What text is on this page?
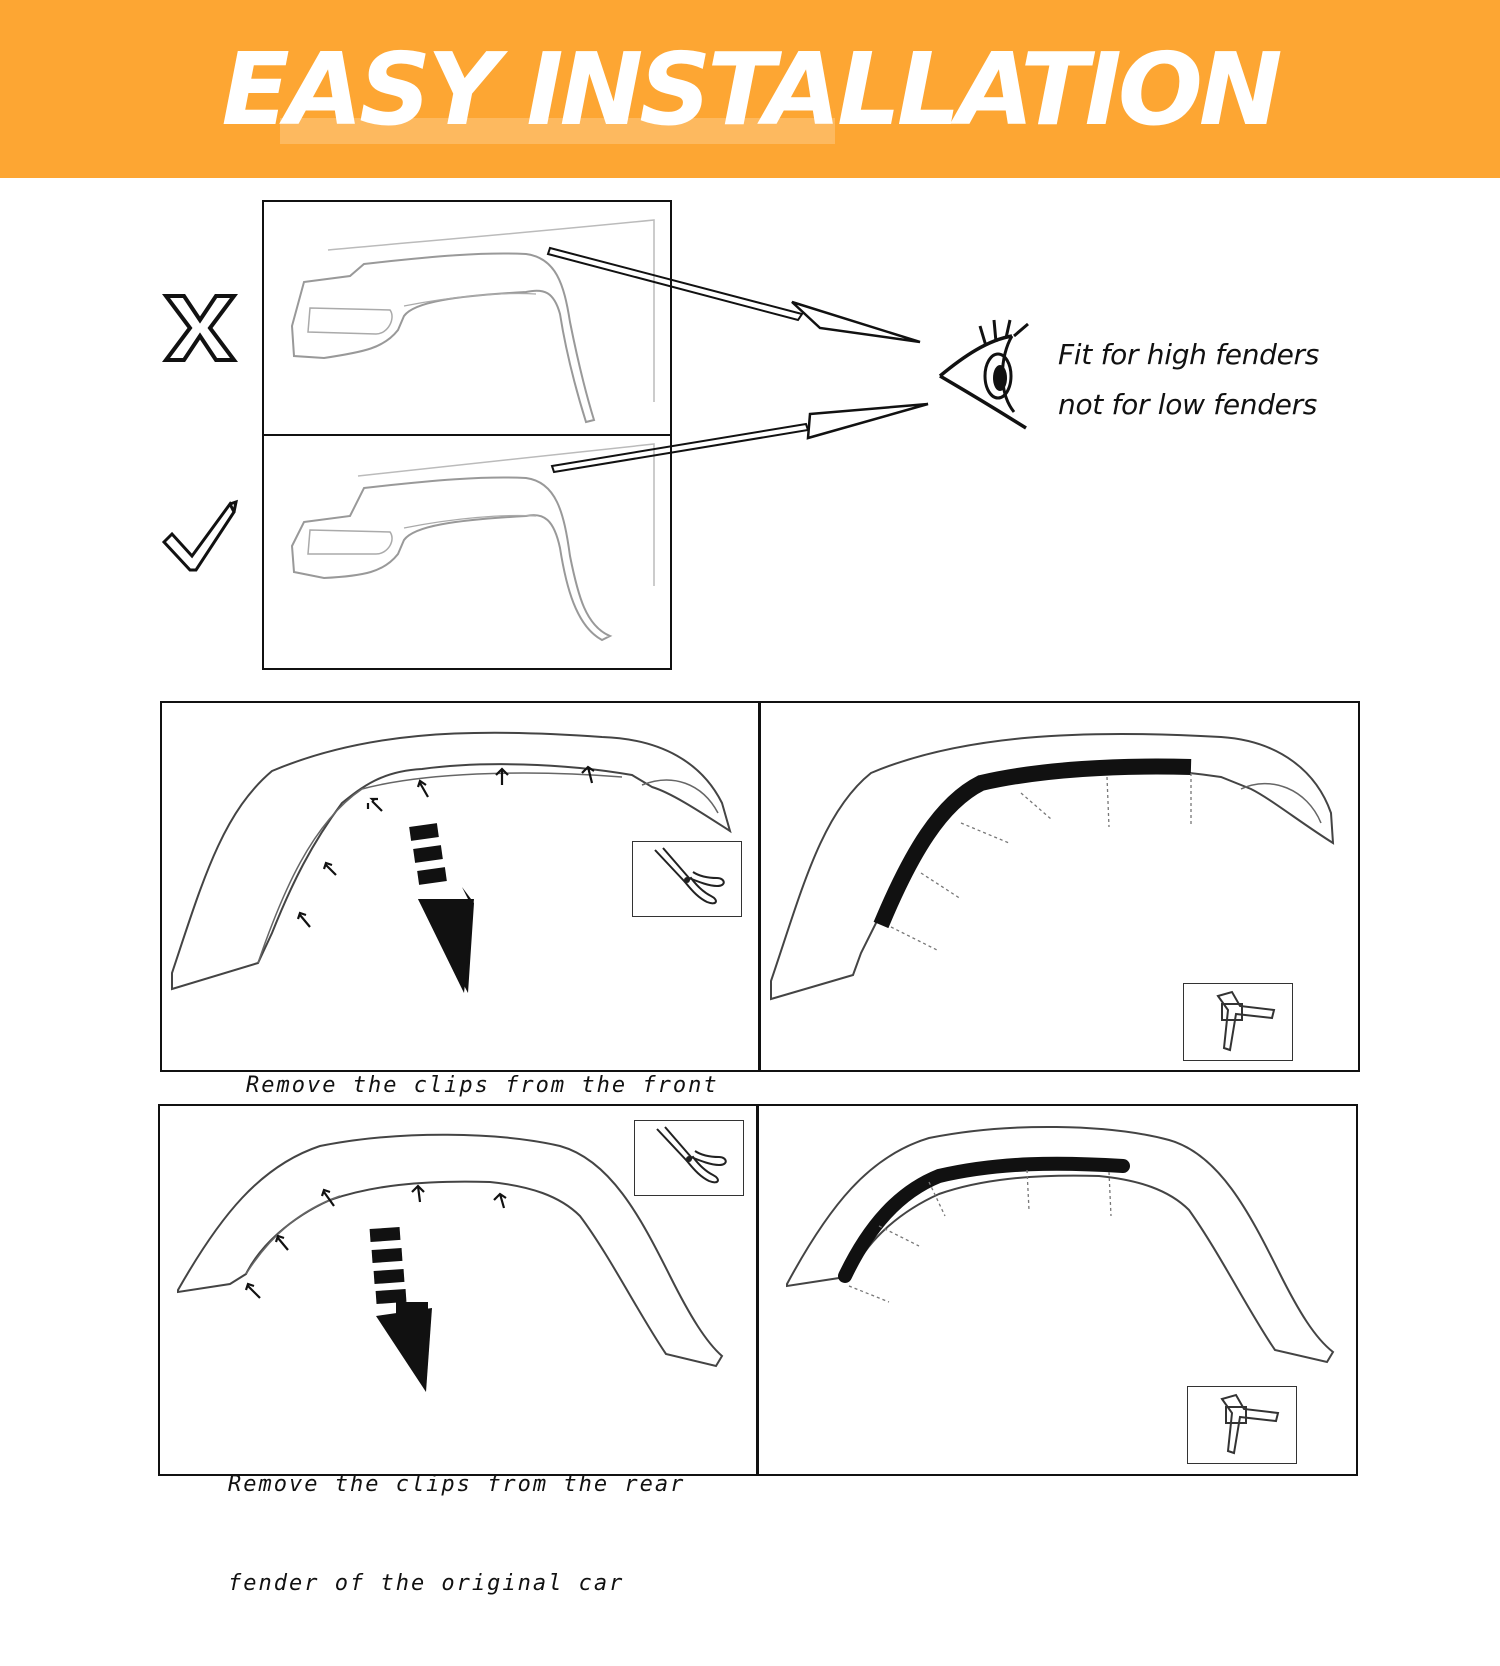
EASY INSTALLATION
Fit for high fenders
not for low fenders

Remove the clips from the front

Remove the clips from the rear

fender of the original car
